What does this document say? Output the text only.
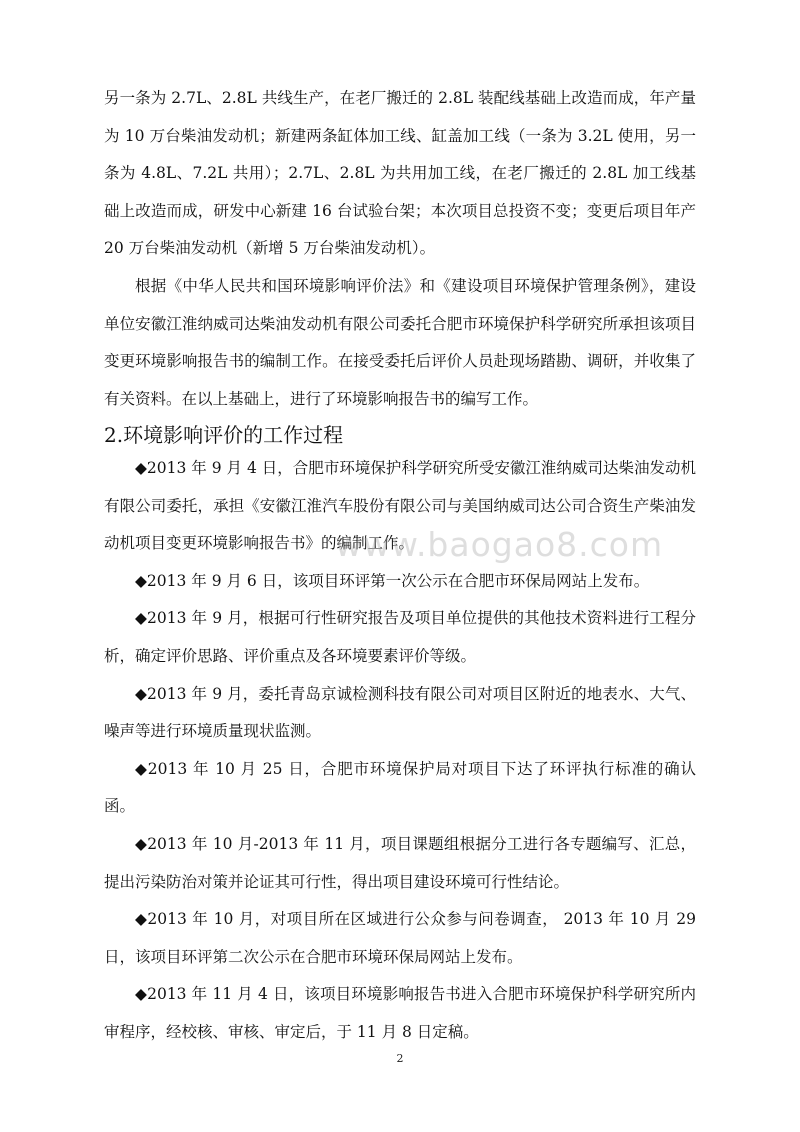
另一条为 2.7L、2.8L 共线生产，在老厂搬迁的 2.8L 装配线基础上改造而成，年产量为 10 万台柴油发动机；新建两条缸体加工线、缸盖加工线（一条为 3.2L 使用，另一条为 4.8L、7.2L 共用）；2.7L、2.8L 为共用加工线，在老厂搬迁的 2.8L 加工线基础上改造而成，研发中心新建 16 台试验台架；本次项目总投资不变；变更后项目年产 20 万台柴油发动机（新增 5 万台柴油发动机）。

根据《中华人民共和国环境影响评价法》和《建设项目环境保护管理条例》，建设单位安徽江淮纳威司达柴油发动机有限公司委托合肥市环境保护科学研究所承担该项目变更环境影响报告书的编制工作。在接受委托后评价人员赴现场踏勘、调研，并收集了有关资料。在以上基础上，进行了环境影响报告书的编写工作。

2.环境影响评价的工作过程

◆2013 年 9 月 4 日，合肥市环境保护科学研究所受安徽江淮纳威司达柴油发动机有限公司委托，承担《安徽江淮汽车股份有限公司与美国纳威司达公司合资生产柴油发动机项目变更环境影响报告书》的编制工作。

◆2013 年 9 月 6 日，该项目环评第一次公示在合肥市环保局网站上发布。

◆2013 年 9 月，根据可行性研究报告及项目单位提供的其他技术资料进行工程分析，确定评价思路、评价重点及各环境要素评价等级。

◆2013 年 9 月，委托青岛京诚检测科技有限公司对项目区附近的地表水、大气、噪声等进行环境质量现状监测。

◆2013 年 10 月 25 日，合肥市环境保护局对项目下达了环评执行标准的确认函。

◆2013 年 10 月-2013 年 11 月，项目课题组根据分工进行各专题编写、汇总，提出污染防治对策并论证其可行性，得出项目建设环境可行性结论。

◆2013 年 10 月，对项目所在区域进行公众参与问卷调查， 2013 年 10 月 29 日，该项目环评第二次公示在合肥市环境环保局网站上发布。

◆2013 年 11 月 4 日，该项目环境影响报告书进入合肥市环境保护科学研究所内审程序，经校核、审核、审定后，于 11 月 8 日定稿。

www.baogao8.com
2
